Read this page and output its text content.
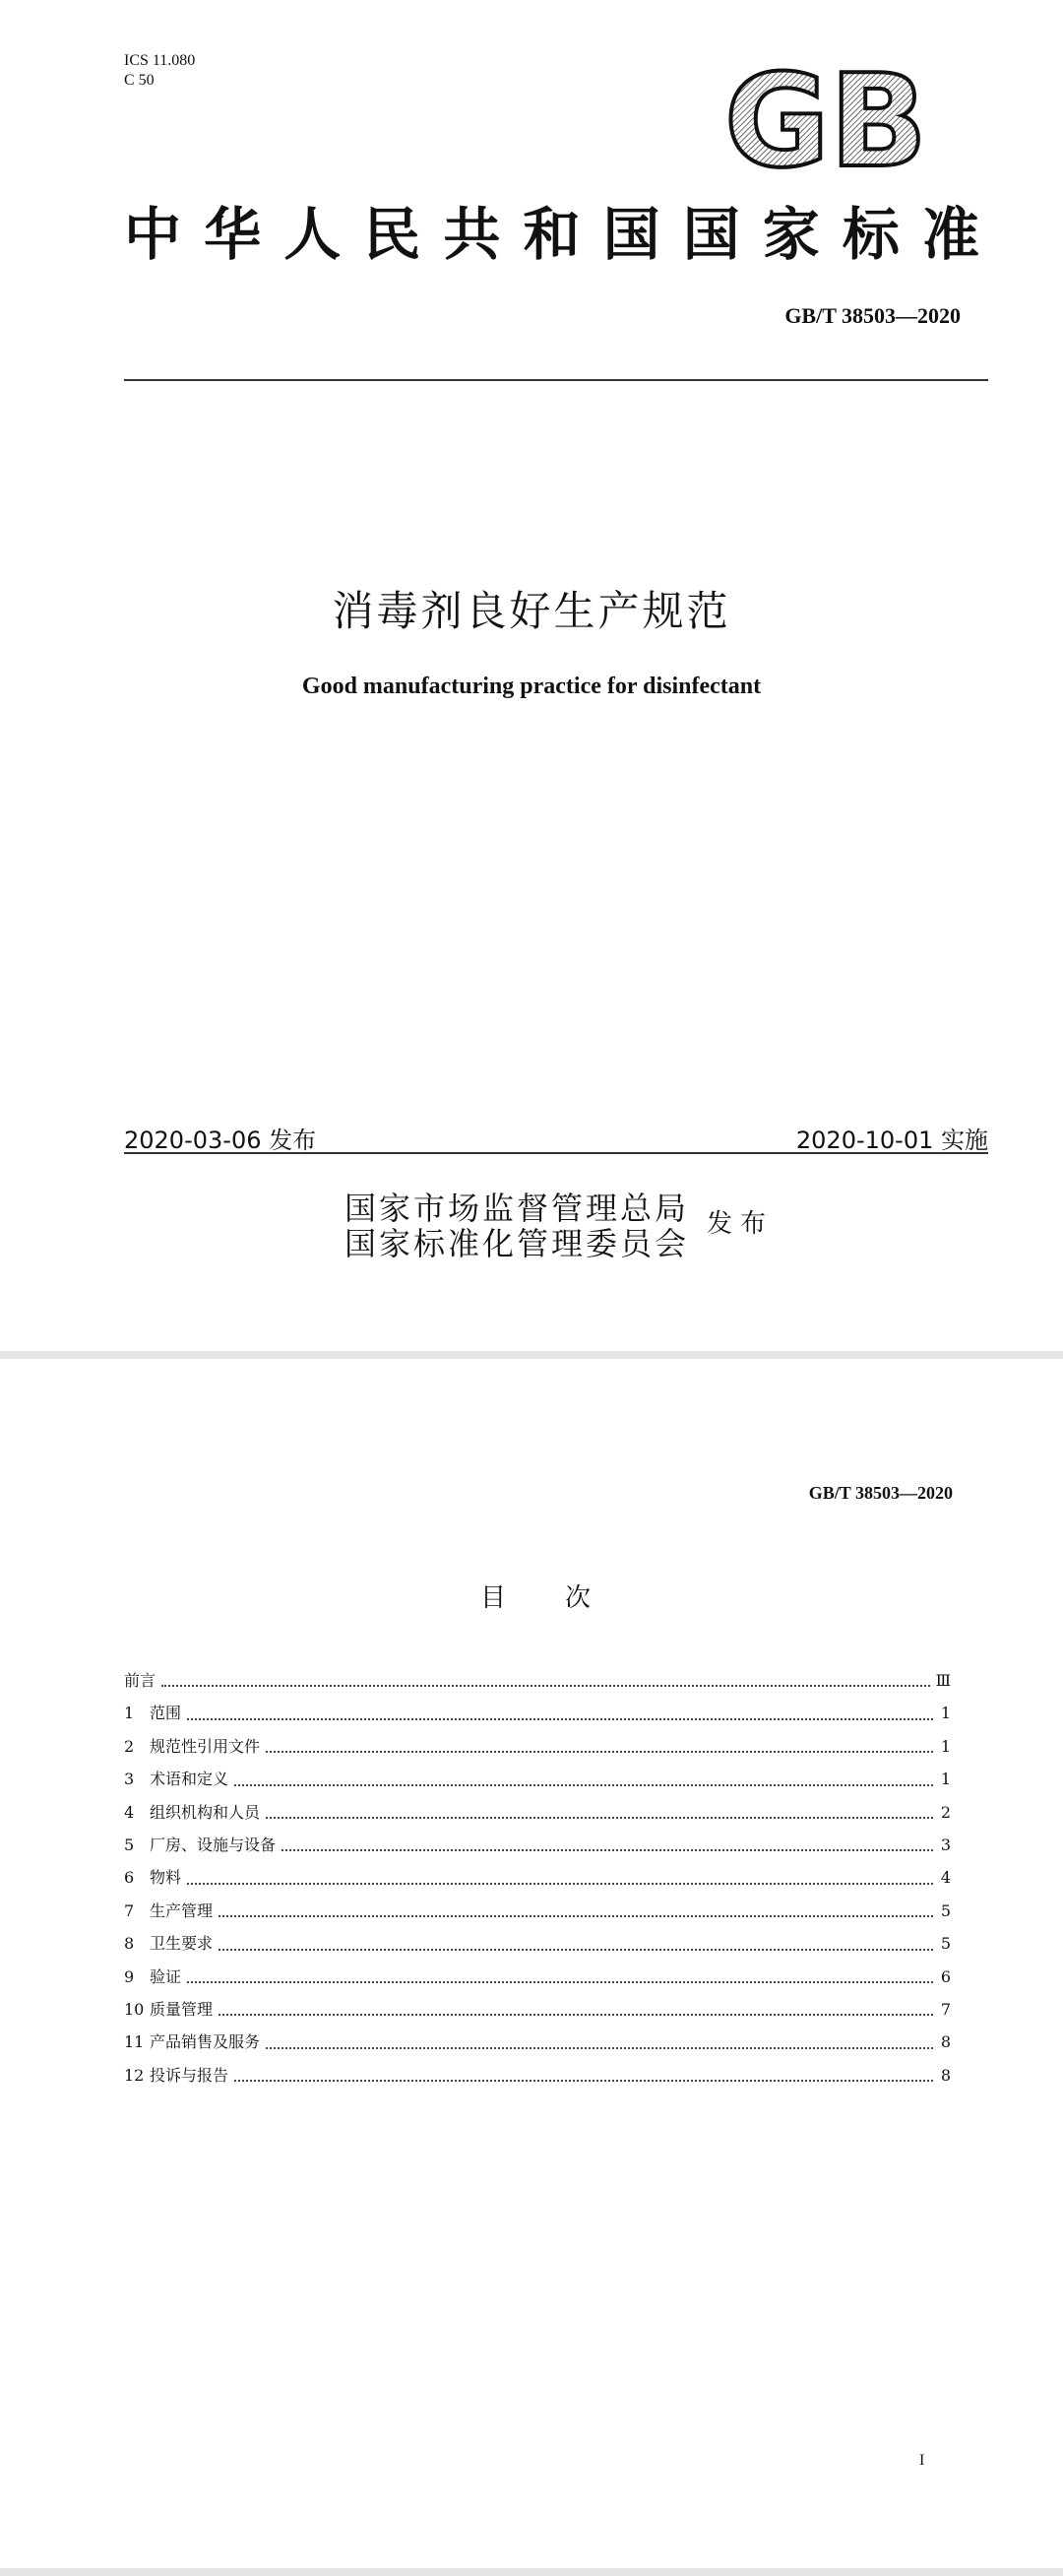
ICS 11.080
C 50	GB
中华人民共和国国家标准
GB/T 38503—2020
消毒剂良好生产规范
Good manufacturing practice for disinfectant
2020-03-06 发布	2020-10-01 实施
国家市场监督管理总局
国家标准化管理委员会
发布
GB/T 38503—2020
目次
前言	Ⅲ
1 范围	1
2 规范性引用文件	1
3 术语和定义	1
4 组织机构和人员	2
5 厂房、设施与设备	3
6 物料	4
7 生产管理	5
8 卫生要求	5
9 验证	6
10 质量管理	7
11 产品销售及服务	8
12 投诉与报告	8
I
